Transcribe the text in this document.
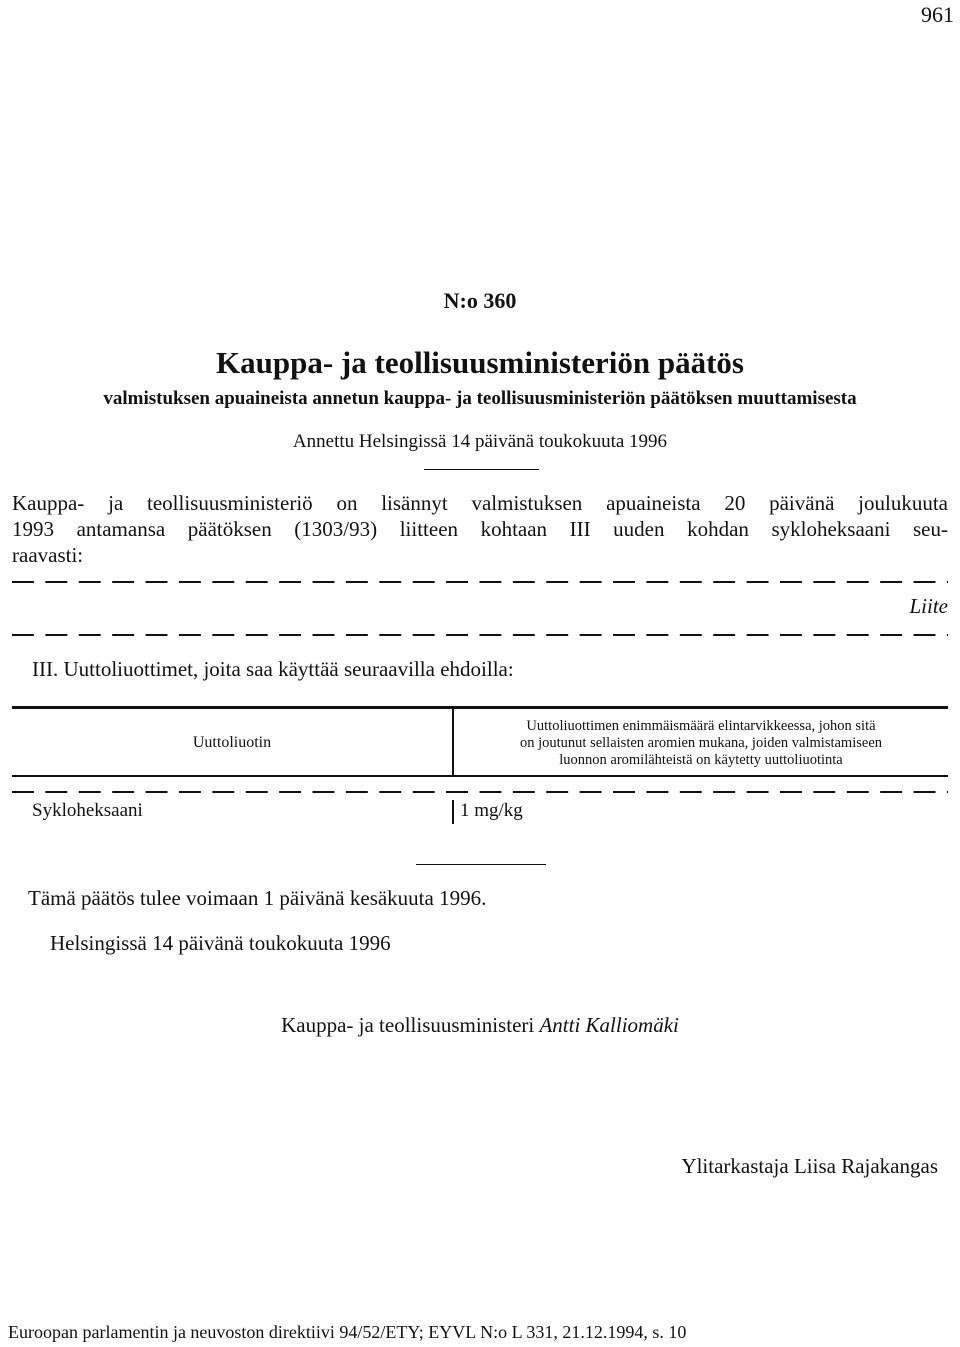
961
N:o 360
Kauppa- ja teollisuusministeriön päätös
valmistuksen apuaineista annetun kauppa- ja teollisuusministeriön päätöksen muuttamisesta
Annettu Helsingissä 14 päivänä toukokuuta 1996
Kauppa- ja teollisuusministeriö on lisännyt valmistuksen apuaineista 20 päivänä joulukuuta
1993 antamansa päätöksen (1303/93) liitteen kohtaan III uuden kohdan sykloheksaani seu-
raavasti:
Liite
III. Uuttoliuottimet, joita saa käyttää seuraavilla ehdoilla:
Uuttoliuotin
Uuttoliuottimen enimmäismäärä elintarvikkeessa, johon sitä
on joutunut sellaisten aromien mukana, joiden valmistamiseen
luonnon aromilähteistä on käytetty uuttoliuotinta
Sykloheksaani	1 mg/kg
Tämä päätös tulee voimaan 1 päivänä kesäkuuta 1996.
Helsingissä 14 päivänä toukokuuta 1996
Kauppa- ja teollisuusministeri Antti Kalliomäki
Ylitarkastaja Liisa Rajakangas
Euroopan parlamentin ja neuvoston direktiivi 94/52/ETY; EYVL N:o L 331, 21.12.1994, s. 10
